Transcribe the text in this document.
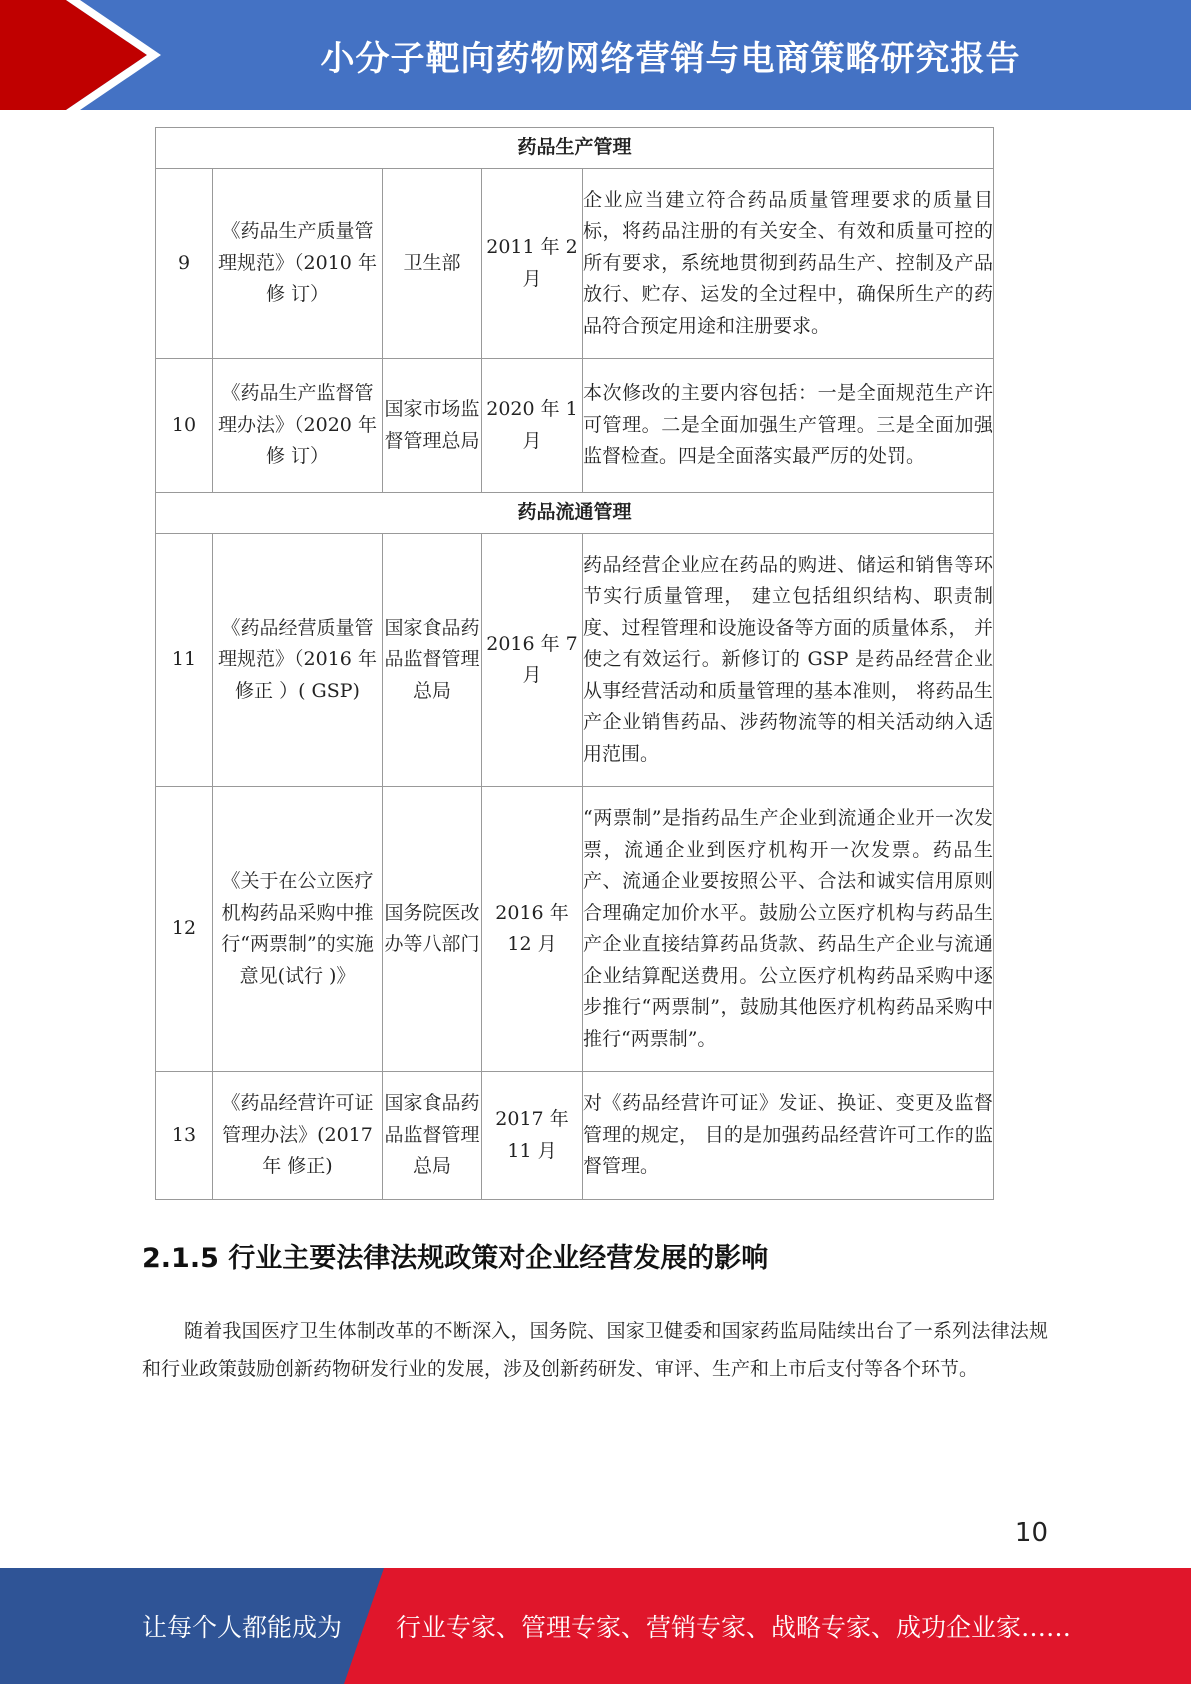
小分子靶向药物网络营销与电商策略研究报告
药品生产管理				
9	《药品生产质量管理规范》（2010 年修 订）	卫生部	2011 年 2 月	企业应当建立符合药品质量管理要求的质量目标，将药品注册的有关安全、有效和质量可控的所有要求，系统地贯彻到药品生产、控制及产品放行、贮存、运发的全过程中，确保所生产的药品符合预定用途和注册要求。
10	《药品生产监督管理办法》（2020 年修 订）	国家市场监督管理总局	2020 年 1 月	本次修改的主要内容包括：一是全面规范生产许可管理。二是全面加强生产管理。三是全面加强监督检查。四是全面落实最严厉的处罚。
药品流通管理				
11	《药品经营质量管理规范》（2016 年修正 ）( GSP)	国家食品药品监督管理总局	2016 年 7 月	药品经营企业应在药品的购进、储运和销售等环节实行质量管理， 建立包括组织结构、职责制度、过程管理和设施设备等方面的质量体系， 并使之有效运行。新修订的 GSP 是药品经营企业从事经营活动和质量管理的基本准则， 将药品生产企业销售药品、涉药物流等的相关活动纳入适用范围。
12	《关于在公立医疗机构药品采购中推行“两票制”的实施意见(试行 )》	国务院医改办等八部门	2016 年 12 月	“两票制”是指药品生产企业到流通企业开一次发票，流通企业到医疗机构开一次发票。药品生产、流通企业要按照公平、合法和诚实信用原则合理确定加价水平。鼓励公立医疗机构与药品生产企业直接结算药品货款、药品生产企业与流通企业结算配送费用。公立医疗机构药品采购中逐步推行“两票制”，鼓励其他医疗机构药品采购中推行“两票制”。
13	《药品经营许可证管理办法》(2017 年 修正)	国家食品药品监督管理总局	2017 年 11 月	对《药品经营许可证》发证、换证、变更及监督管理的规定， 目的是加强药品经营许可工作的监督管理。
2.1.5 行业主要法律法规政策对企业经营发展的影响

随着我国医疗卫生体制改革的不断深入，国务院、国家卫健委和国家药监局陆续出台了一系列法律法规和行业政策鼓励创新药物研发行业的发展，涉及创新药研发、审评、生产和上市后支付等各个环节。

10
让每个人都能成为 行业专家、管理专家、营销专家、战略专家、成功企业家……
